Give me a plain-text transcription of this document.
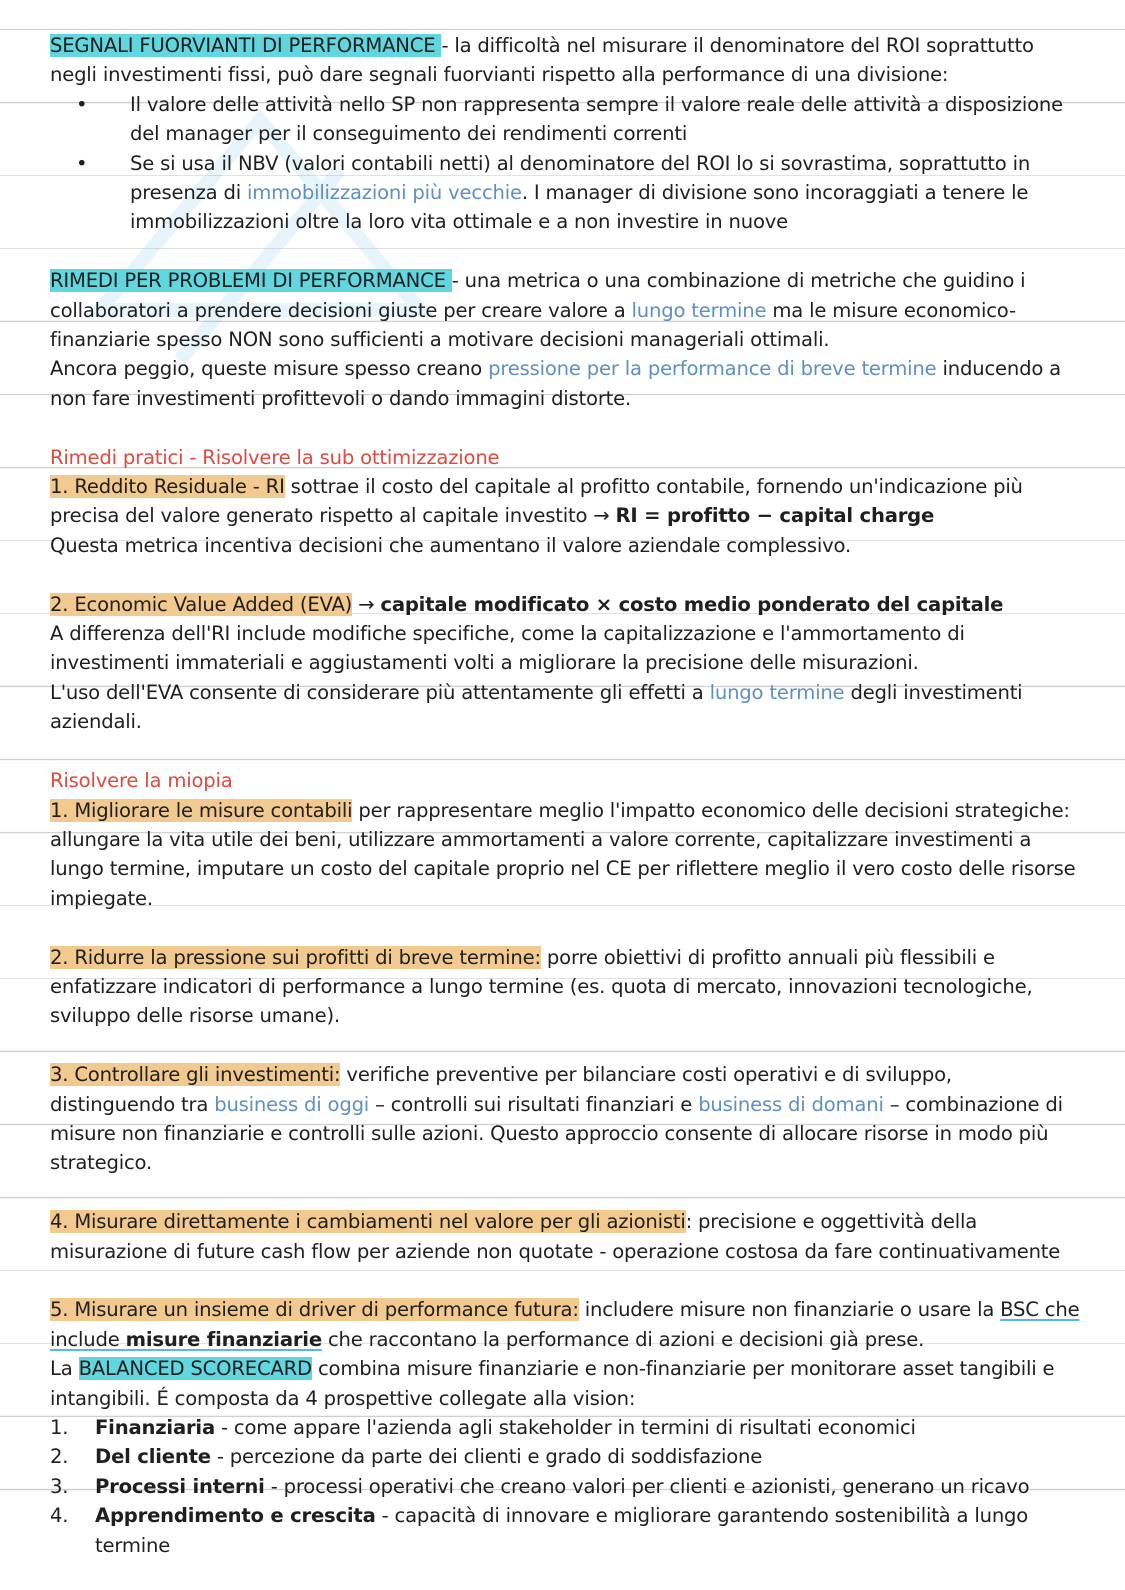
SEGNALI FUORVIANTI DI PERFORMANCE - la difficoltà nel misurare il denominatore del ROI soprattutto negli investimenti fissi, può dare segnali fuorvianti rispetto alla performance di una divisione:

•	Il valore delle attività nello SP non rappresenta sempre il valore reale delle attività a disposizione del manager per il conseguimento dei rendimenti correnti
•	Se si usa il NBV (valori contabili netti) al denominatore del ROI lo si sovrastima, soprattutto in presenza di immobilizzazioni più vecchie. I manager di divisione sono incoraggiati a tenere le immobilizzazioni oltre la loro vita ottimale e a non investire in nuove

RIMEDI PER PROBLEMI DI PERFORMANCE - una metrica o una combinazione di metriche che guidino i collaboratori a prendere decisioni giuste per creare valore a lungo termine ma le misure economico-finanziarie spesso NON sono sufficienti a motivare decisioni manageriali ottimali.

Ancora peggio, queste misure spesso creano pressione per la performance di breve termine inducendo a non fare investimenti profittevoli o dando immagini distorte.

Rimedi pratici - Risolvere la sub ottimizzazione

1. Reddito Residuale - RI sottrae il costo del capitale al profitto contabile, fornendo un'indicazione più precisa del valore generato rispetto al capitale investito → RI = profitto − capital charge

Questa metrica incentiva decisioni che aumentano il valore aziendale complessivo.

2. Economic Value Added (EVA) → capitale modificato × costo medio ponderato del capitale

A differenza dell'RI include modifiche specifiche, come la capitalizzazione e l'ammortamento di investimenti immateriali e aggiustamenti volti a migliorare la precisione delle misurazioni.

L'uso dell'EVA consente di considerare più attentamente gli effetti a lungo termine degli investimenti aziendali.

Risolvere la miopia

1. Migliorare le misure contabili per rappresentare meglio l'impatto economico delle decisioni strategiche: allungare la vita utile dei beni, utilizzare ammortamenti a valore corrente, capitalizzare investimenti a lungo termine, imputare un costo del capitale proprio nel CE per riflettere meglio il vero costo delle risorse impiegate.

2. Ridurre la pressione sui profitti di breve termine: porre obiettivi di profitto annuali più flessibili e enfatizzare indicatori di performance a lungo termine (es. quota di mercato, innovazioni tecnologiche, sviluppo delle risorse umane).

3. Controllare gli investimenti: verifiche preventive per bilanciare costi operativi e di sviluppo, distinguendo tra business di oggi – controlli sui risultati finanziari e business di domani – combinazione di misure non finanziarie e controlli sulle azioni. Questo approccio consente di allocare risorse in modo più strategico.

4. Misurare direttamente i cambiamenti nel valore per gli azionisti: precisione e oggettività della misurazione di future cash flow per aziende non quotate - operazione costosa da fare continuativamente

5. Misurare un insieme di driver di performance futura: includere misure non finanziarie o usare la BSC che include misure finanziarie che raccontano la performance di azioni e decisioni già prese.

La BALANCED SCORECARD combina misure finanziarie e non-finanziarie per monitorare asset tangibili e intangibili. É composta da 4 prospettive collegate alla vision:

1.	Finanziaria - come appare l'azienda agli stakeholder in termini di risultati economici
2.	Del cliente - percezione da parte dei clienti e grado di soddisfazione
3.	Processi interni - processi operativi che creano valori per clienti e azionisti, generano un ricavo
4.	Apprendimento e crescita - capacità di innovare e migliorare garantendo sostenibilità a lungo termine
